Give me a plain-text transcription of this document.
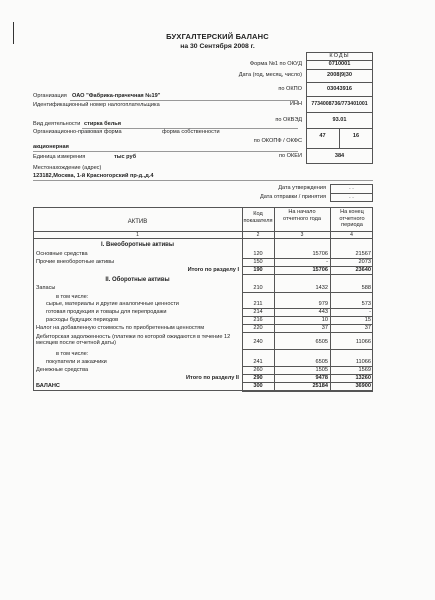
БУХГАЛТЕРСКИЙ БАЛАНС
на 30 Сентября 2008 г.
КОДЫ
Форма №1 по ОКУД	0710001
Дата (год, месяц, число)	2008|9|30
по ОКПО	03043916
ИНН	7734008736/773401001
по ОКВЭД	93.01
по ОКОПФ / ОКФС
47	16
по ОКЕИ	384
Организация ОАО "Фабрика-прачечная №19"
Идентификационный номер налогоплательщика
Вид деятельности стирка белья
Организационно-правовая форма	форма собственности
акционерная
Единица измерения	тыс руб
Местонахождение (адрес)
123182,Москва, 1-й Красногорский пр-д.,д.4
Дата утверждения	. .
Дата отправки / принятия	. .
АКТИВ
Код показателя
На начало отчетного года
На конец отчетного периода
1	2	3	4
I. Внеоборотные активы
Основные средства	120	15706	21567
Прочие внеоборотные активы	150	-	2073
Итого по разделу I	190	15706	23640
II. Оборотные активы
Запасы	210	1432	588
в том числе:
сырье, материалы и другие аналогичные ценности	211	979	573
готовая продукция и товары для перепродажи	214	443	-
расходы будущих периодов	216	10	15
Налог на добавленную стоимость по приобретенным ценностям	220	37	37
Дебиторская задолженность (платежи по которой ожидаются в течение 12 месяцев после отчетной даты)	240	6505	11066
в том числе:
покупатели и заказчики	241	6505	11066
Денежные средства	260	1505	1569
Итого по разделу II	290	9478	13260
БАЛАНС	300	25184	36900
